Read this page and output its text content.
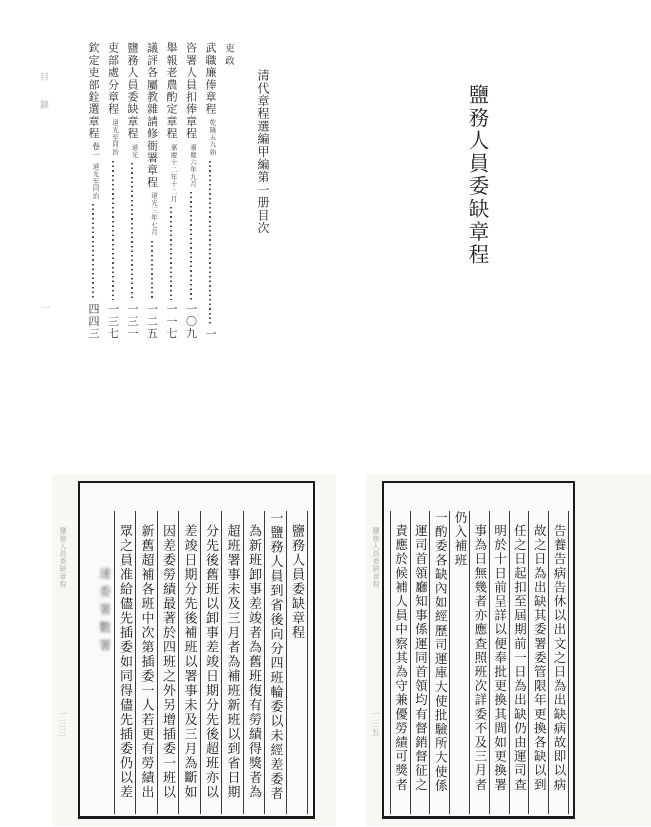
目錄
一
清代章程選編甲編第一册目次
吏政
武職廉俸章程
乾隆五九始
一
咨署人員扣俸章程
嘉慶六年九月
一〇九
舉報老農酌定章程
嘉慶十二年十二月
一一七
議評各屬教雜請修衙署章程
道光三年七月
一二五
鹽務人員委缺章程
道光
一三一
吏部處分章程
道光至同治
一三七
欽定吏部銓選章程
卷一
道光至同治
四四三
鹽務人員委缺章程
鹽務人員委缺章程
一三三
鹽務人員委缺章程
一鹽務人員到省後向分四班輪委以未經差委者
為新班卸事差竣者為舊班復有勞績得獎者為
超班署事未及三月者為補班新班以到省日期
分先後舊班以卸事差竣日期分先後超班亦以
差竣日期分先後補班以署事未及三月為斷如
因差委勞績最著於四班之外另增插委一班以
新舊超補各班中次第插委一人若更有勞績出
眾之員准給儘先插委如同得儘先插委仍以差
速委署數署
鹽務人員委缺章程
一三五	告養告病告休以出文之日為出缺病故即以病
故之日為出缺其委署委管限年更換各缺以到
任之日起扣至屆期前一日為出缺仍由運司查
明於十日前呈詳以便奉批更換其間如更換署
事為日無幾者亦應查照班次詳委不及三月者
仍入補班
一酌委各缺內如經歷司運庫大使批驗所大使係
運司首領廳知事係運同首領均有督銷督征之
責應於候補人員中察其為守兼優勞績可獎者
